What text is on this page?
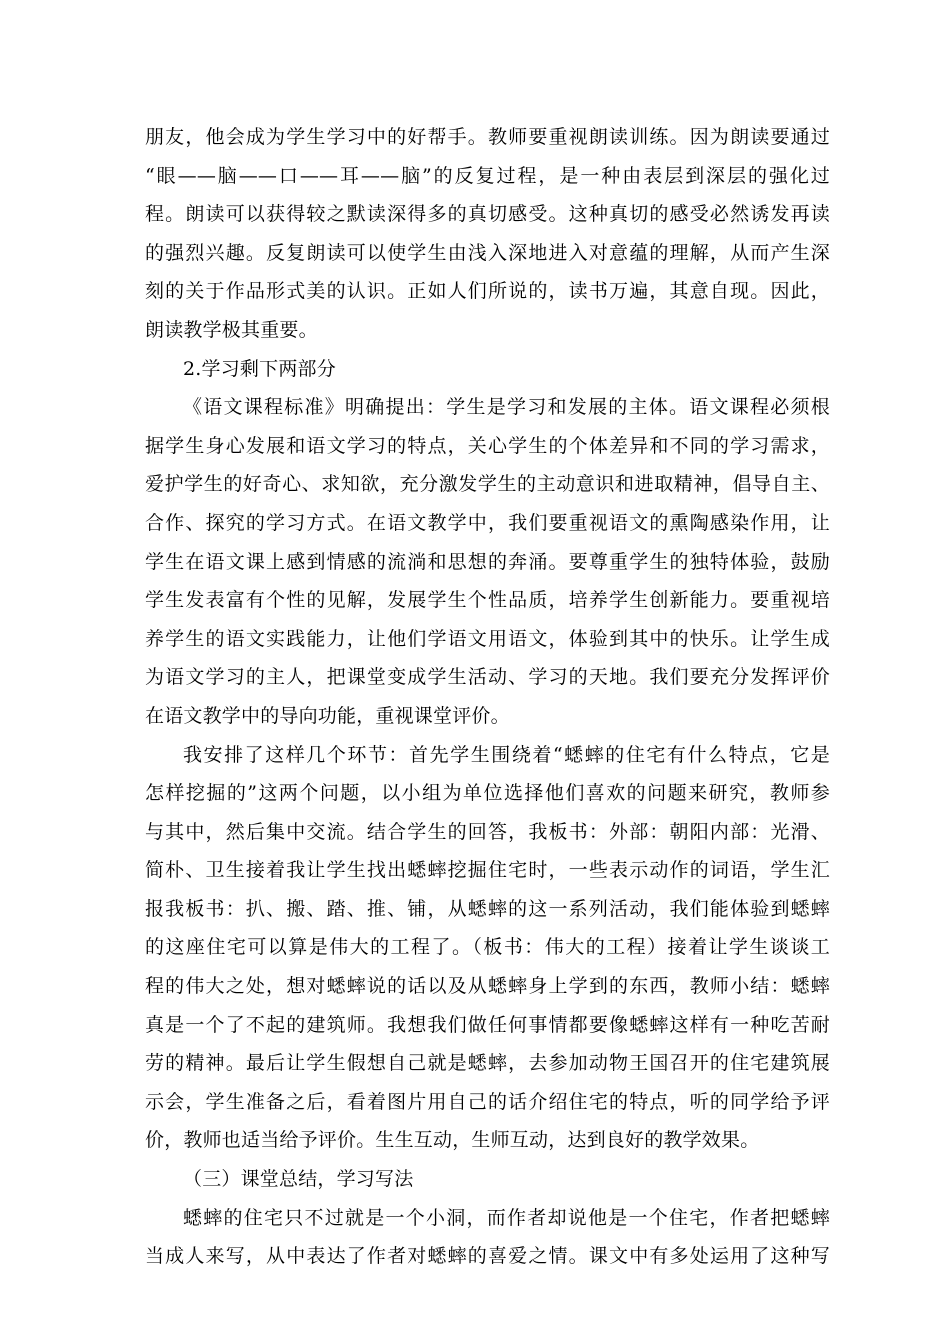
朋友，他会成为学生学习中的好帮手。教师要重视朗读训练。因为朗读要通过
“眼——脑——口——耳——脑”的反复过程，是一种由表层到深层的强化过
程。朗读可以获得较之默读深得多的真切感受。这种真切的感受必然诱发再读
的强烈兴趣。反复朗读可以使学生由浅入深地进入对意蕴的理解，从而产生深
刻的关于作品形式美的认识。正如人们所说的，读书万遍，其意自现。因此，
朗读教学极其重要。
2.学习剩下两部分
《语文课程标准》明确提出：学生是学习和发展的主体。语文课程必须根
据学生身心发展和语文学习的特点，关心学生的个体差异和不同的学习需求，
爱护学生的好奇心、求知欲，充分激发学生的主动意识和进取精神，倡导自主、
合作、探究的学习方式。在语文教学中，我们要重视语文的熏陶感染作用，让
学生在语文课上感到情感的流淌和思想的奔涌。要尊重学生的独特体验，鼓励
学生发表富有个性的见解，发展学生个性品质，培养学生创新能力。要重视培
养学生的语文实践能力，让他们学语文用语文，体验到其中的快乐。让学生成
为语文学习的主人，把课堂变成学生活动、学习的天地。我们要充分发挥评价
在语文教学中的导向功能，重视课堂评价。
我安排了这样几个环节：首先学生围绕着“蟋蟀的住宅有什么特点，它是
怎样挖掘的”这两个问题，以小组为单位选择他们喜欢的问题来研究，教师参
与其中，然后集中交流。结合学生的回答，我板书：外部：朝阳内部：光滑、
简朴、卫生接着我让学生找出蟋蟀挖掘住宅时，一些表示动作的词语，学生汇
报我板书：扒、搬、踏、推、铺，从蟋蟀的这一系列活动，我们能体验到蟋蟀
的这座住宅可以算是伟大的工程了。（板书：伟大的工程）接着让学生谈谈工
程的伟大之处，想对蟋蟀说的话以及从蟋蟀身上学到的东西，教师小结：蟋蟀
真是一个了不起的建筑师。我想我们做任何事情都要像蟋蟀这样有一种吃苦耐
劳的精神。最后让学生假想自己就是蟋蟀，去参加动物王国召开的住宅建筑展
示会，学生准备之后，看着图片用自己的话介绍住宅的特点，听的同学给予评
价，教师也适当给予评价。生生互动，生师互动，达到良好的教学效果。
（三）课堂总结，学习写法
蟋蟀的住宅只不过就是一个小洞，而作者却说他是一个住宅，作者把蟋蟀
当成人来写，从中表达了作者对蟋蟀的喜爱之情。课文中有多处运用了这种写
